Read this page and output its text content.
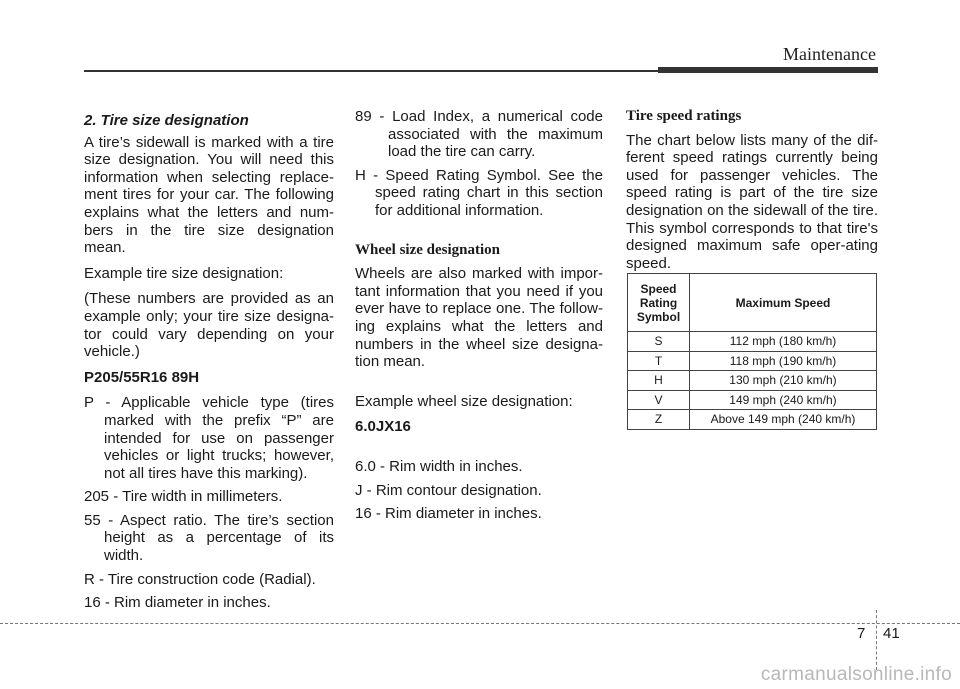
Maintenance
2. Tire size designation
A tire’s sidewall is marked with a tire size designation. You will need this information when selecting replace-ment tires for your car. The following explains what the letters and num-bers in the tire size designation mean.
Example tire size designation:
(These numbers are provided as an example only; your tire size designa-tor could vary depending on your vehicle.)
P205/55R16 89H
P - Applicable vehicle type (tires marked with the prefix “P” are intended for use on passenger vehicles or light trucks; however, not all tires have this marking).
205 - Tire width in millimeters.
55 - Aspect ratio. The tire’s section height as a percentage of its width.
R - Tire construction code (Radial).
16 - Rim diameter in inches.
89 - Load Index, a numerical code associated with the maximum load the tire can carry.
H - Speed Rating Symbol. See the speed rating chart in this section for additional information.
Wheel size designation
Wheels are also marked with impor-tant information that you need if you ever have to replace one. The follow-ing explains what the letters and numbers in the wheel size designa-tion mean.
Example wheel size designation:
6.0JX16
6.0 - Rim width in inches.
J - Rim contour designation.
16 - Rim diameter in inches.
Tire speed ratings
The chart below lists many of the dif-ferent speed ratings currently being used for passenger vehicles. The speed rating is part of the tire size designation on the sidewall of the tire. This symbol corresponds to that tire's designed maximum safe oper-ating speed.
Speed Rating Symbol	Maximum Speed
S	112 mph (180 km/h)
T	118 mph (190 km/h)
H	130 mph (210 km/h)
V	149 mph (240 km/h)
Z	Above 149 mph (240 km/h)
7 41
carmanualsonline.info
